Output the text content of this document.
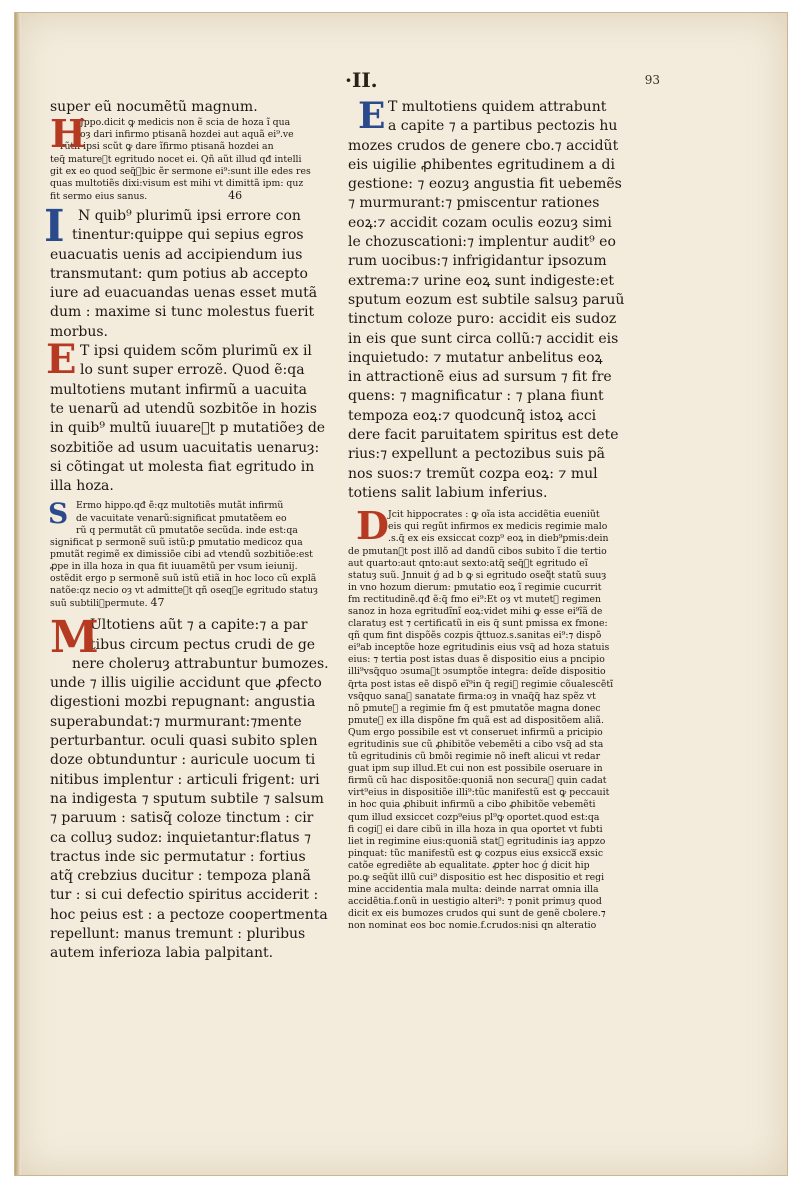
·II.	93
super eũ nocumẽtũ magnum.
H
Jppo.dicit ꝙ medicis non ẽ scia de hoza ĩ qua
oȝ dari infirmo ptisanã hozdei aut aquã ei⁹.ve
rũtñ ipsi scũt ꝙ dare ĩfirmo ptisanã hozdei an
teq̃ matureᷓt egritudo nocet ei. Qñ aũt illud qđ intelli
git ex eo quod seq̃ᷓbic ẽr sermone ei⁹:sunt ille edes res
quas multotiẽs dixi:visum est mihi vt dimittã ipm: quz
fit sermo eius sanus.	46
I N quib⁹ plurimũ ipsi errore con
tinentur:quippe qui sepius egros
euacuatis uenis ad accipiendum ius
transmutant: qum potius ab accepto
iure ad euacuandas uenas esset mutã
dum : maxime si tunc molestus fuerit
morbus.
E T ipsi quidem scõm plurimũ ex il
lo sunt super errozẽ. Quod ẽ:qa
multotiens mutant infirmũ a uacuita
te uenarũ ad utendũ sozbitõe in hozis
in quib⁹ multũ iuuareᷓt p mutatiõeȝ de
sozbitiõe ad usum uacuitatis uenaruȝ:
si cõtingat ut molesta fiat egritudo in
illa hoza.
S Ermo hippo.qđ ẽ:qz multotiẽs mutãt infirmũ
de vacuitate venarũ:significat pmutatẽem eo
rũ q permutãt cũ pmutatõe secũda. inde est:qa
significat p sermonẽ suũ istũ:ꝑ pmutatio medicoz qua
pmutãt regimẽ ex dimissiõe cibi ad vtendũ sozbitiõe:est
ꝓpe in illa hoza in qua fit iuuamẽtũ per vsum ieiunij.
ostẽdit ergo p sermonẽ suũ istũ etiã in hoc loco cũ explã
natõe:qz necio oȝ vt admitteᷓt qñ oseqᷓe egritudo statuȝ
suũ subtiliᷓpermute. 47
M
Ultotiens aũt ⁊ a capite:⁊ a par
tibus circum pectus crudi de ge
nere choleruȝ attrabuntur bumozes.
unde ⁊ illis uigilie accidunt que ꝓfecto
digestioni mozbi repugnant: angustia
superabundat:⁊ murmurant:⁊mente
perturbantur. oculi quasi subito splen
doze obtunduntur : auricule uocum ti
nitibus implentur : articuli frigent: uri
na indigesta ⁊ sputum subtile ⁊ salsum
⁊ paruum : satisq̃ coloze tinctum : cir
ca colluȝ sudoz: inquietantur:flatus ⁊
tractus inde sic permutatur : fortius
atq̃ crebzius ducitur : tempoza planã
tur : si cui defectio spiritus acciderit :
hoc peius est : a pectoze coopertmenta
repellunt: manus tremunt : pluribus
autem inferioza labia palpitant.
E T multotiens quidem attrabunt
a capite ⁊ a partibus pectozis hu
mozes crudos de genere cbo.⁊ accidũt
eis uigilie ꝓhibentes egritudinem a di
gestione: ⁊ eozuȝ angustia fit uebemẽs
⁊ murmurant:⁊ pmiscentur rationes
eoꝝ:⁊ accidit cozam oculis eozuȝ simi
le chozuscationi:⁊ implentur audit⁹ eo
rum uocibus:⁊ infrigidantur ipsozum
extrema:⁊ urine eoꝝ sunt indigeste:et
sputum eozum est subtile salsuȝ paruũ
tinctum coloze puro: accidit eis sudoz
in eis que sunt circa collũ:⁊ accidit eis
inquietudo: ⁊ mutatur anbelitus eoꝝ
in attractionẽ eius ad sursum ⁊ fit fre
quens: ⁊ magnificatur : ⁊ plana fiunt
tempoza eoꝝ:⁊ quodcunq̃ istoꝝ acci
dere facit paruitatem spiritus est dete
rius:⁊ expellunt a pectozibus suis pã
nos suos:⁊ tremũt cozpa eoꝝ: ⁊ mul
totiens salit labium inferius.
D Jcit hippocrates : ꝙ oĩa ista accidẽtia eueniũt
eis qui regũt infirmos ex medicis regimie malo
.s.q̃ ex eis exsiccat cozp⁹ eoꝝ in dieb⁹pmis:dein
de pmutanᷓt post illõ ad dandũ cibos subito ĩ die tertio
aut quarto:aut qnto:aut sexto:atq̃ seq̃ᷓt egritudo eĩ
statuȝ suũ. Jnnuit ǵ ad b́ ꝙ si egritudo oseq̃ᷓt statũ suuȝ
in vno hozum dierum: pmutatio eoꝝ ĩ regimie cucurrit
fm rectitudinẽ.qđ ẽ:q̃ fmo ei⁹:Et oȝ vt mutetᷓ regimen
sanoz in hoza egritudĩnĩ eoꝝ:videt mihi ꝙ esse ei⁹ĩã de
claratuȝ est ⁊ certificatũ in eis q̃ sunt pmissa ex fmone:
qñ qum fint dispõẽs cozpis q̃ttuoz.s.sanitas ei⁹:⁊ dispõ
ei⁹ab inceptõe hoze egritudinis eius vsq̃ ad hoza statuis
eius: ⁊ tertia post istas duas ẽ dispositio eius a pncipio
illi⁹vsq̃quo ↄsumaᷓt ↄsumptõe integra: deĩde dispositio
q̃rta post istas eẽ dispõ eĩ⁹in q̃ regiᷓ regimie cõualescẽtĩ
vsq̃quo sanaᷓ sanatate firma:oȝ in vnaq̃q̃ haz spẽz vt
nõ pmuteᷓ a regimie fm q̃ est pmutatõe magna donec
pmuteᷓ ex illa dispõne fm quã est ad dispositõem aliã.
Qum ergo possibile est vt conseruet infirmũ a pricipio
egritudinis sue cũ ꝓhibitõe vebemẽti a cibo vsq̃ ad sta
tũ egritudinis cũ bmõi regimie nõ ineft alicui vt redar
guat ipm sup illud.Et cui non est possibile oseruare in
firmũ cũ hac dispositõe:quoniã non securaᷓ quin cadat
virt⁹eius in dispositiõe illi⁹:tũc manifestũ est ꝙ peccauit
in hoc quia ꝓhibuit infirmũ a cibo ꝓhibitõe vebemẽti
qum illud exsiccet cozp⁹eius pl⁹ꝙ oportet.quod est:qa
fi cogiᷓ ei dare cibũ in illa hoza in qua oportet vt fubti
liet in regimine eius:quoniã statᷓ egritudinis iaȝ appzo
pinquat: tũc manifestũ est ꝙ cozpus eius exsiccaᷓ exsic
catõe egrediẽte ab equalitate. ꝓpter hoc ǵ dicit hip
po.ꝙ seq̃ũt illũ cui⁹ dispositio est hec dispositio et regi
mine accidentia mala multa: deinde narrat omnia illa
accidẽtia.f.onũ in uestigio alteri⁹: ⁊ ponit primuȝ quod
dicit ex eis bumozes crudos qui sunt de genẽ cbolere.⁊
non nominat eos boc nomie.f.crudos:nisi qn alteratio
